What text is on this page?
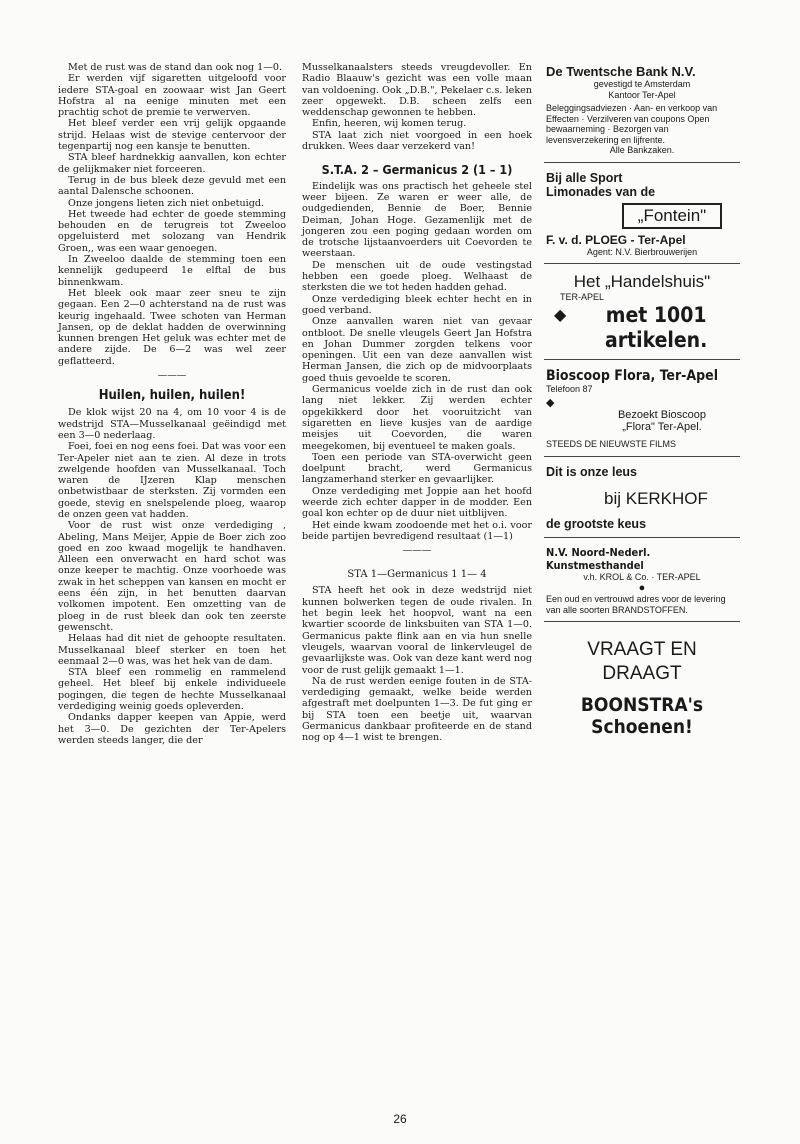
Met de rust was de stand dan ook nog 1—0.

Er werden vijf sigaretten uitgeloofd voor iedere STA-goal en zoowaar wist Jan Geert Hofstra al na eenige minuten met een prachtig schot de premie te verwerven.

Het bleef verder een vrij gelijk opgaande strijd. Helaas wist de stevige centervoor der tegenpartij nog een kansje te benutten.

STA bleef hardnekkig aanvallen, kon echter de gelijkmaker niet forceeren.

Terug in de bus bleek deze gevuld met een aantal Dalensche schoonen.

Onze jongens lieten zich niet onbetuigd.

Het tweede had echter de goede stemming behouden en de terugreis tot Zweeloo opgeluisterd met solozang van Hendrik Groen,, was een waar genoegen.

In Zweeloo daalde de stemming toen een kennelijk gedupeerd 1e elftal de bus binnenkwam.

Het bleek ook maar zeer sneu te zijn gegaan. Een 2—0 achterstand na de rust was keurig ingehaald. Twee schoten van Herman Jansen, op de deklat hadden de overwinning kunnen brengen Het geluk was echter met de andere zijde. De 6—2 was wel zeer geflatteerd.

———
Huilen, huilen, huilen!

De klok wijst 20 na 4, om 10 voor 4 is de wedstrijd STA—Musselkanaal geëindigd met een 3—0 nederlaag.

Foei, foei en nog eens foei. Dat was voor een Ter-Apeler niet aan te zien. Al deze in trots zwelgende hoofden van Musselkanaal. Toch waren de IJzeren Klap menschen onbetwistbaar de sterksten. Zij vormden een goede, stevig en snelspelende ploeg, waarop de onzen geen vat hadden.

Voor de rust wist onze verdediging , Abeling, Mans Meijer, Appie de Boer zich zoo goed en zoo kwaad mogelijk te handhaven. Alleen een onverwacht en hard schot was onze keeper te machtig. Onze voorhoede was zwak in het scheppen van kansen en mocht er eens één zijn, in het benutten daarvan volkomen impotent. Een omzetting van de ploeg in de rust bleek dan ook ten zeerste gewenscht.

Helaas had dit niet de gehoopte resultaten. Musselkanaal bleef sterker en toen het eenmaal 2—0 was, was het hek van de dam.

STA bleef een rommelig en rammelend geheel. Het bleef bij enkele individueele pogingen, die tegen de hechte Musselkanaal verdediging weinig goeds opleverden.

Ondanks dapper keepen van Appie, werd het 3—0. De gezichten der Ter-Apelers werden steeds langer, die der

Musselkanaalsters steeds vreugdevoller. En Radio Blaauw's gezicht was een volle maan van voldoening. Ook „D.B.", Pekelaer c.s. leken zeer opgewekt. D.B. scheen zelfs een weddenschap gewonnen te hebben.

Enfin, heeren, wij komen terug.

STA laat zich niet voorgoed in een hoek drukken. Wees daar verzekerd van!

S.T.A. 2 – Germanicus 2 (1 – 1)

Eindelijk was ons practisch het geheele stel weer bijeen. Ze waren er weer alle, de oudgedienden, Bennie de Boer, Bennie Deiman, Johan Hoge. Gezamenlijk met de jongeren zou een poging gedaan worden om de trotsche lijstaanvoerders uit Coevorden te weerstaan.

De menschen uit de oude vestingstad hebben een goede ploeg. Welhaast de sterksten die we tot heden hadden gehad.

Onze verdediging bleek echter hecht en in goed verband.

Onze aanvallen waren niet van gevaar ontbloot. De snelle vleugels Geert Jan Hofstra en Johan Dummer zorgden telkens voor openingen. Uit een van deze aanvallen wist Herman Jansen, die zich op de midvoorplaats goed thuis gevoelde te scoren.

Germanicus voelde zich in de rust dan ook lang niet lekker. Zij werden echter opgekikkerd door het vooruitzicht van sigaretten en lieve kusjes van de aardige meisjes uit Coevorden, die waren meegekomen, bij eventueel te maken goals.

Toen een periode van STA-overwicht geen doelpunt bracht, werd Germanicus langzamerhand sterker en gevaarlijker.

Onze verdediging met Joppie aan het hoofd weerde zich echter dapper in de modder. Een goal kon echter op de duur niet uitblijven.

Het einde kwam zoodoende met het o.i. voor beide partijen bevredigend resultaat (1—1)

———
STA 1—Germanicus 1 1— 4

STA heeft het ook in deze wedstrijd niet kunnen bolwerken tegen de oude rivalen. In het begin leek het hoopvol, want na een kwartier scoorde de linksbuiten van STA 1—0. Germanicus pakte flink aan en via hun snelle vleugels, waarvan vooral de linkervleugel de gevaarlijkste was. Ook van deze kant werd nog voor de rust gelijk gemaakt 1—1.

Na de rust werden eenige fouten in de STA-verdediging gemaakt, welke beide werden afgestraft met doelpunten 1—3. De fut ging er bij STA toen een beetje uit, waarvan Germanicus dankbaar profiteerde en de stand nog op 4—1 wist te brengen.

De Twentsche Bank N.V.
gevestigd te Amsterdam
Kantoor Ter-Apel
Beleggingsadviezen · Aan- en verkoop van Effecten · Verzilveren van coupons Open bewaarneming · Bezorgen van levensverzekering en lijfrente.
Alle Bankzaken.
Bij alle Sport
Limonades van de
„Fontein"
F. v. d. PLOEG - Ter-Apel
Agent: N.V. Bierbrouwerijen
Het „Handelshuis"
TER-APEL
◆	met 1001
artikelen.
Bioscoop Flora, Ter-Apel
Telefoon 87
◆
Bezoekt Bioscoop
„Flora" Ter-Apel.
STEEDS DE NIEUWSTE FILMS
Dit is onze leus
bij KERKHOF
de grootste keus
N.V. Noord-Nederl. Kunstmesthandel
v.h. KROL & Co. · TER-APEL
●
Een oud en vertrouwd adres voor de levering van alle soorten BRANDSTOFFEN.
VRAAGT EN
DRAAGT
BOONSTRA's Schoenen!
26
